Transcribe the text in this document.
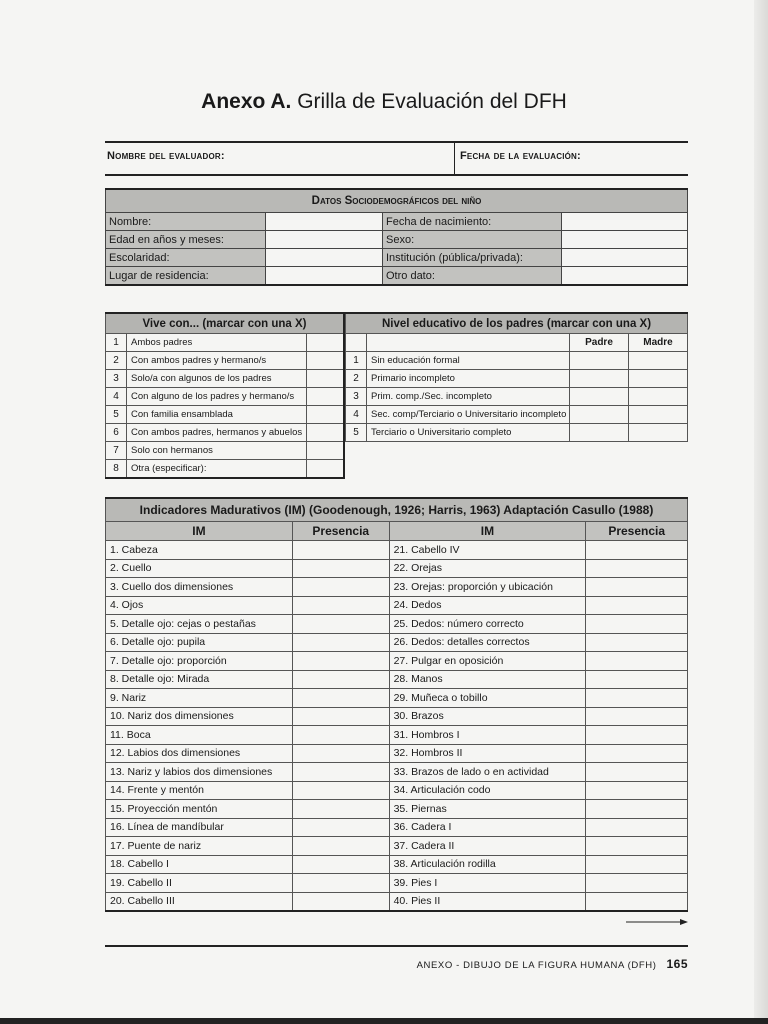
Anexo A. Grilla de Evaluación del DFH
Nombre del evaluador:	Fecha de la evaluación:
Datos Sociodemográficos del niño			
Nombre:		Fecha de nacimiento:	
Edad en años y meses:		Sexo:	
Escolaridad:		Institución (pública/privada):	
Lugar de residencia:		Otro dato:	
Vive con... (marcar con una X)		
1	Ambos padres	
2	Con ambos padres y hermano/s	
3	Solo/a con algunos de los padres	
4	Con alguno de los padres y hermano/s	
5	Con familia ensamblada	
6	Con ambos padres, hermanos y abuelos	
7	Solo con hermanos	
8	Otra (especificar):	
Nivel educativo de los padres (marcar con una X)			
		Padre	Madre
1	Sin educación formal		
2	Primario incompleto		
3	Prim. comp./Sec. incompleto		
4	Sec. comp/Terciario o Universitario incompleto		
5	Terciario o Universitario completo		
Indicadores Madurativos (IM) (Goodenough, 1926; Harris, 1963) Adaptación Casullo (1988)			
IM	Presencia	IM	Presencia
1. Cabeza		21. Cabello IV	
2. Cuello		22. Orejas	
3. Cuello dos dimensiones		23. Orejas: proporción y ubicación	
4. Ojos		24. Dedos	
5. Detalle ojo: cejas o pestañas		25. Dedos: número correcto	
6. Detalle ojo: pupila		26. Dedos: detalles correctos	
7. Detalle ojo: proporción		27. Pulgar en oposición	
8. Detalle ojo: Mirada		28. Manos	
9. Nariz		29. Muñeca o tobillo	
10. Nariz dos dimensiones		30. Brazos	
11. Boca		31. Hombros I	
12. Labios dos dimensiones		32. Hombros II	
13. Nariz y labios dos dimensiones		33. Brazos de lado o en actividad	
14. Frente y mentón		34. Articulación codo	
15. Proyección mentón		35. Piernas	
16. Línea de mandíbular		36. Cadera I	
17. Puente de nariz		37. Cadera II	
18. Cabello I		38. Articulación rodilla	
19. Cabello II		39. Pies I	
20. Cabello III		40. Pies II	
ANEXO - DIBUJO DE LA FIGURA HUMANA (DFH) 165
